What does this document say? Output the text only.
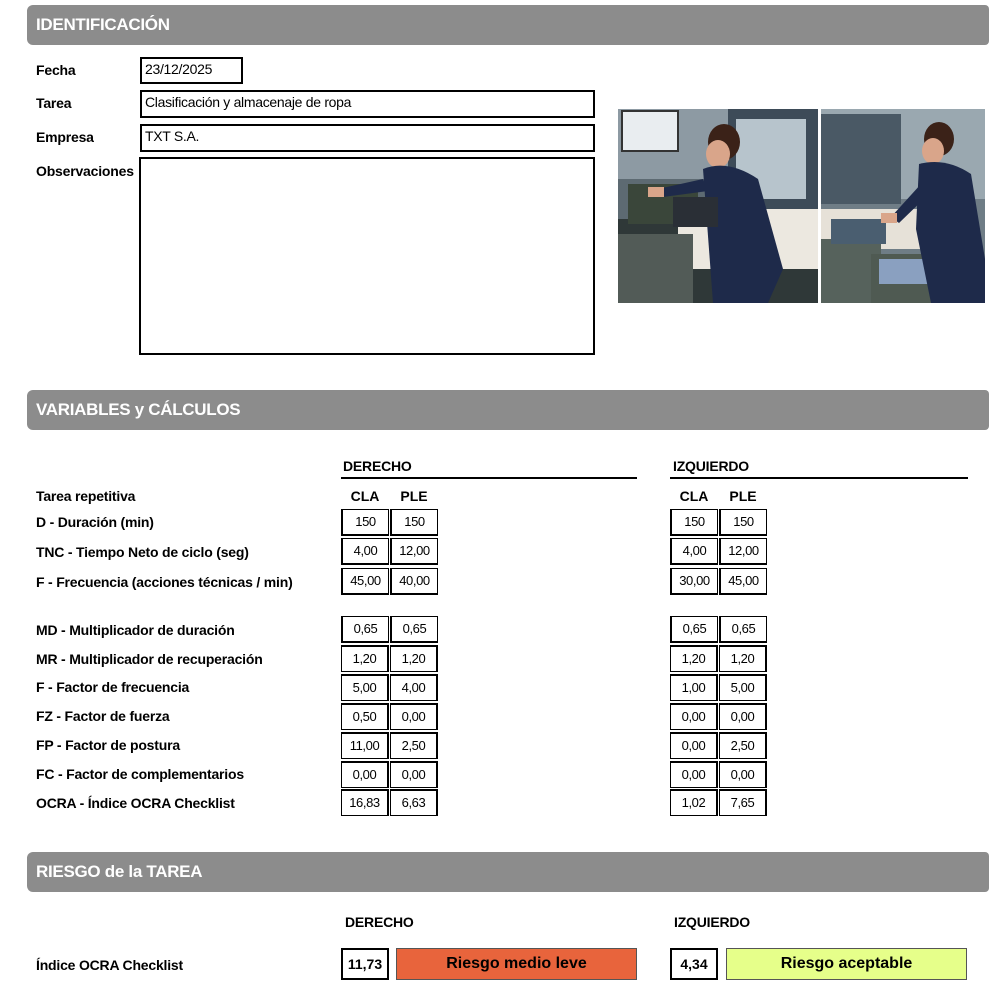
IDENTIFICACIÓN
Fecha	23/12/2025
Tarea	Clasificación y almacenaje de ropa
Empresa	TXT S.A.
Observaciones
VARIABLES y CÁLCULOS
DERECHO	IZQUIERDO
Tarea repetitiva	CLA	PLE	CLA	PLE
D - Duración (min)	150	150	150	150
TNC - Tiempo Neto de ciclo (seg)	4,00	12,00	4,00	12,00
F - Frecuencia (acciones técnicas / min)	45,00	40,00	30,00	45,00
MD - Multiplicador de duración	0,65	0,65	0,65	0,65
MR - Multiplicador de recuperación	1,20	1,20	1,20	1,20
F - Factor de frecuencia	5,00	4,00	1,00	5,00
FZ - Factor de fuerza	0,50	0,00	0,00	0,00
FP - Factor de postura	11,00	2,50	0,00	2,50
FC - Factor de complementarios	0,00	0,00	0,00	0,00
OCRA - Índice OCRA Checklist	16,83	6,63	1,02	7,65
RIESGO de la TAREA
DERECHO	IZQUIERDO
Índice OCRA Checklist	11,73	Riesgo medio leve	4,34	Riesgo aceptable
